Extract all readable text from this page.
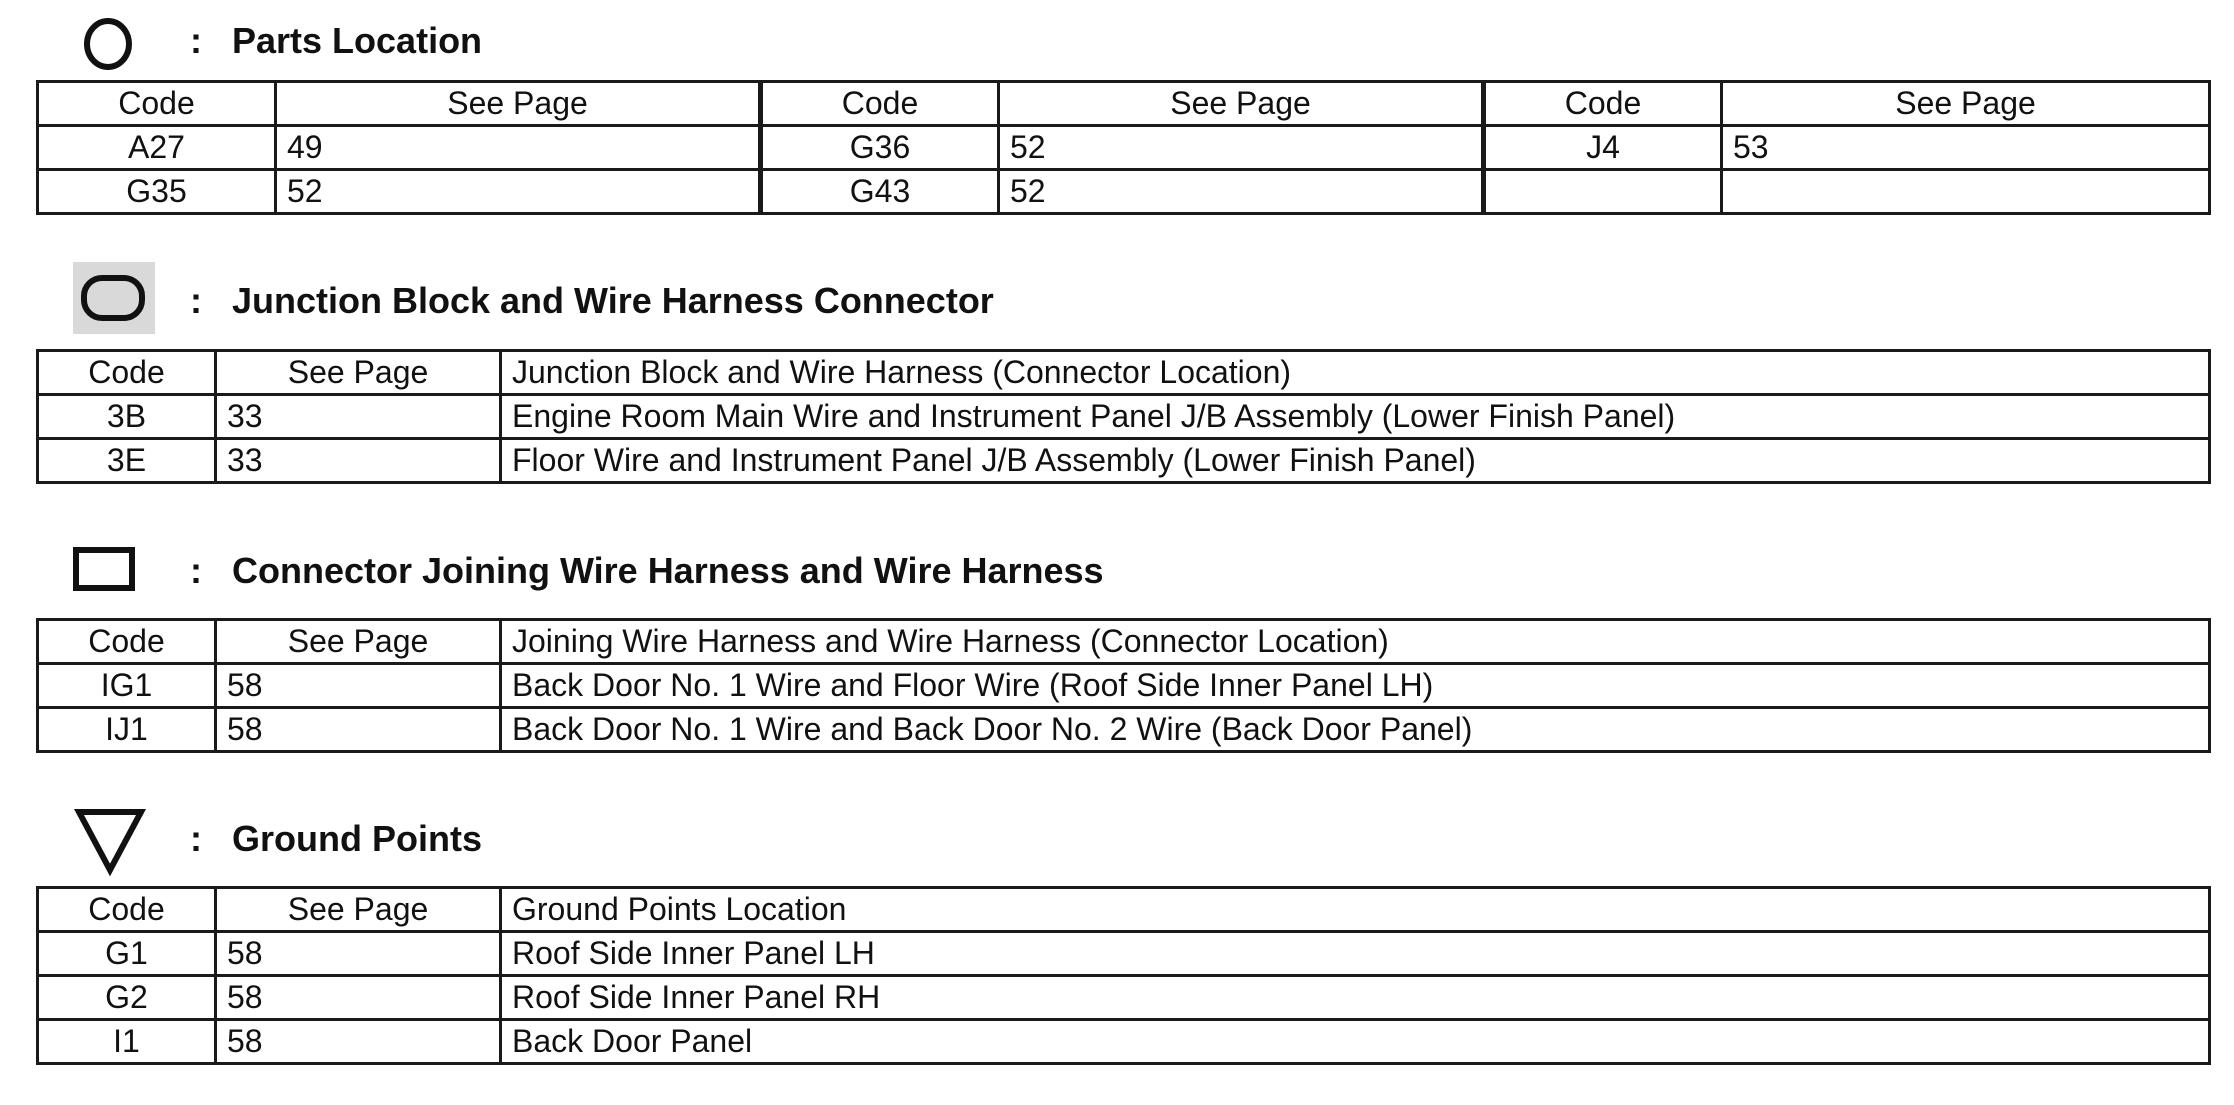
: Parts Location
Code	See Page	Code	See Page	Code	See Page
A27	49	G36	52	J4	53
G35	52	G43	52		
: Junction Block and Wire Harness Connector
Code	See Page	Junction Block and Wire Harness (Connector Location)
3B	33	Engine Room Main Wire and Instrument Panel J/B Assembly (Lower Finish Panel)
3E	33	Floor Wire and Instrument Panel J/B Assembly (Lower Finish Panel)
: Connector Joining Wire Harness and Wire Harness
Code	See Page	Joining Wire Harness and Wire Harness (Connector Location)
IG1	58	Back Door No. 1 Wire and Floor Wire (Roof Side Inner Panel LH)
IJ1	58	Back Door No. 1 Wire and Back Door No. 2 Wire (Back Door Panel)
: Ground Points
Code	See Page	Ground Points Location
G1	58	Roof Side Inner Panel LH
G2	58	Roof Side Inner Panel RH
I1	58	Back Door Panel
